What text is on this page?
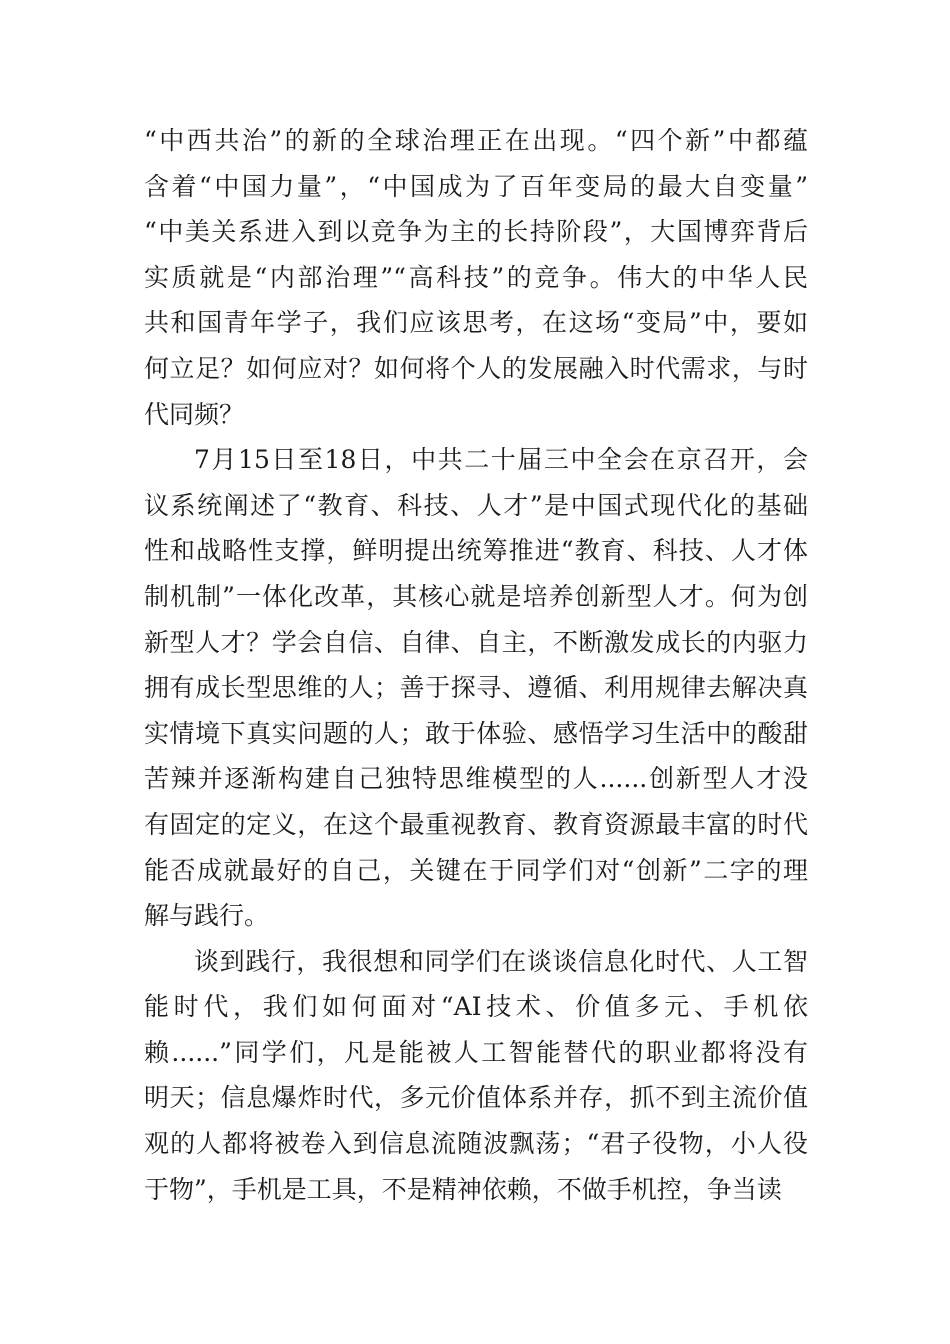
“中西共治”的新的全球治理正在出现。“四个新”中都蕴
含着“中国力量”，“中国成为了百年变局的最大自变量”
“中美关系进入到以竞争为主的长持阶段”，大国博弈背后
实质就是“内部治理”“高科技”的竞争。伟大的中华人民
共和国青年学子，我们应该思考，在这场“变局”中，要如
何立足？如何应对？如何将个人的发展融入时代需求，与时
代同频？
7月15日至18日，中共二十届三中全会在京召开，会
议系统阐述了“教育、科技、人才”是中国式现代化的基础
性和战略性支撑，鲜明提出统筹推进“教育、科技、人才体
制机制”一体化改革，其核心就是培养创新型人才。何为创
新型人才？学会自信、自律、自主，不断激发成长的内驱力
拥有成长型思维的人；善于探寻、遵循、利用规律去解决真
实情境下真实问题的人；敢于体验、感悟学习生活中的酸甜
苦辣并逐渐构建自己独特思维模型的人......创新型人才没
有固定的定义，在这个最重视教育、教育资源最丰富的时代
能否成就最好的自己，关键在于同学们对“创新”二字的理
解与践行。
谈到践行，我很想和同学们在谈谈信息化时代、人工智
能时代，我们如何面对“AI技术、价值多元、手机依
赖......”同学们，凡是能被人工智能替代的职业都将没有
明天；信息爆炸时代，多元价值体系并存，抓不到主流价值
观的人都将被卷入到信息流随波飘荡；“君子役物，小人役
于物”，手机是工具，不是精神依赖，不做手机控，争当读
